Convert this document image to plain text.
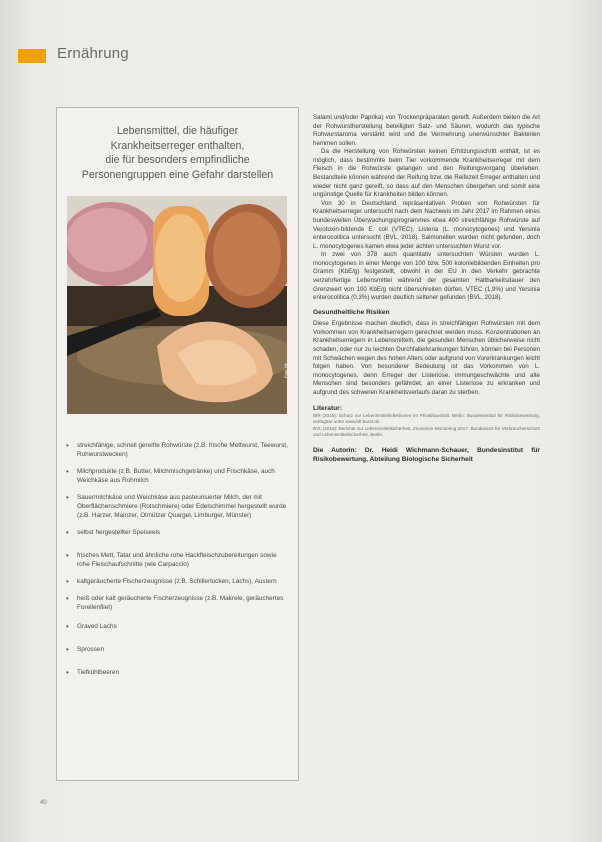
Ernährung
Lebensmittel, die häufiger
Krankheitserreger enthalten,
die für besonders empfindliche
Personengruppen eine Gefahr darstellen
Foto: bfr
• streichfähige, schnell gereifte Rohwürste (z.B. frische Mettwurst, Teewurst, Rohwurstwecken)
• Milchprodukte (z.B. Butter, Milchmischgetränke) und Frischkäse, auch Weichkäse aus Rohmilch
• Sauermilchkäse und Weichkäse aus pasteurisierter Milch, der mit Oberflächenschmiere (Rotschmiere) oder Edelschimmel hergestellt wurde (z.B. Harzer, Mainzer, Olmützer Quargel, Limburger, Münster)
• selbst hergestellter Speiseeis
• frisches Mett, Tatar und ähnliche rohe Hackfleischzubereitungen sowie rohe Fleischaufschnitte (wie Carpaccio)
• kaltgeräucherte Fischerzeugnisse (z.B. Schillerlocken, Lachs), Austern
• heiß oder kalt geräucherte Fischerzeugnisse (z.B. Makrele, geräuchertes Forellenfilet)
• Graved Lachs
• Sprossen
• Tiefkühlbeeren

Salami und/oder Paprika) von Trockenpräparaten gereift. Außerdem bieten die Art der Rohwurstherstellung beteiligten Salz- und Säuren, wodurch das typische Rohwurstaroma verstärkt wird und die Vermehrung unerwünschter Bakterien hemmen sollen.

Da die Herstellung von Rohwürsten keinen Erhitzungsschritt enthält, ist es möglich, dass bestimmte beim Tier vorkommende Krankheitserreger mit dem Fleisch in die Rohwürste gelangen und den Reifungsvorgang überleben. Bestandteile können während der Reifung bzw. die Reifezeit Erreger enthalten und wieder nicht ganz gereift, so dass auf den Menschen übergehen und somit eine ungünstige Quelle für Krankheiten bilden können.

Von 30 in Deutschland repräsentativen Proben von Rohwürsten für Krankheitserreger untersucht nach dem Nachweis im Jahr 2017 im Rahmen eines bundesweiten Überwachungsprogrammes etwa 400 streichfähige Rohwürste auf Verotoxin-bildende E. coli (VTEC), Listeria (L. monocytogenes) und Yersinia enterocolitica untersucht (BVL, 2018). Salmonellen wurden nicht gefunden, doch L. monocytogenes kamen etwa jeder achten untersuchten Wurst vor.

In zwei von 378 auch quantitativ untersuchten Würsten wurden L. monocytogenes in einer Menge von 100 bzw. 500 koloniebildenden Einheiten pro Gramm (KbE/g) festgestellt, obwohl in der EU in den Verkehr gebrachte verzehrfertige Lebensmittel während der gesamten Haltbarkeitsdauer den Grenzwert von 100 KbE/g nicht überschreiten dürfen. VTEC (1,9%) und Yersinia enterocolitica (0,3%) wurden deutlich seltener gefunden (BVL, 2018).

Gesundheitliche Risiken

Diese Ergebnisse machen deutlich, dass in streichfähigen Rohwürsten mit dem Vorkommen von Krankheitserregern gerechnet werden muss. Konzentrationen an Krankheitserregern in Lebensmitteln, die gesunden Menschen üblicherweise nicht schaden, oder nur zu leichten Durchfallerkrankungen führen, können bei Personen mit Schwächen wegen des hohen Alters oder aufgrund von Vorerkrankungen leicht folgen haben. Von besonderer Bedeutung ist das Vorkommen von L. monocytogenes, denn Erreger der Listeriose, immungeschwächte und alte Menschen sind besonders gefährdet, an einer Listeriose zu erkranken und aufgrund des schweren Krankheitsverlaufs daran zu sterben.

Literatur:

BfR (2016): Schutz vor Lebensmittelinfektionen im Privathaushalt. Berlin: Bundesinstitut für Risikobewertung, verfügbar unter www.bfr.bund.de

BVL (2018): Berichte zur Lebensmittelsicherheit, Zoonosen-Monitoring 2017. Bundesamt für Verbraucherschutz und Lebensmittelsicherheit, Berlin.

Die Autorin: Dr. Heidi Wichmann-Schauer, Bundesinstitut für Risikobewertung, Abteilung Biologische Sicherheit

40
